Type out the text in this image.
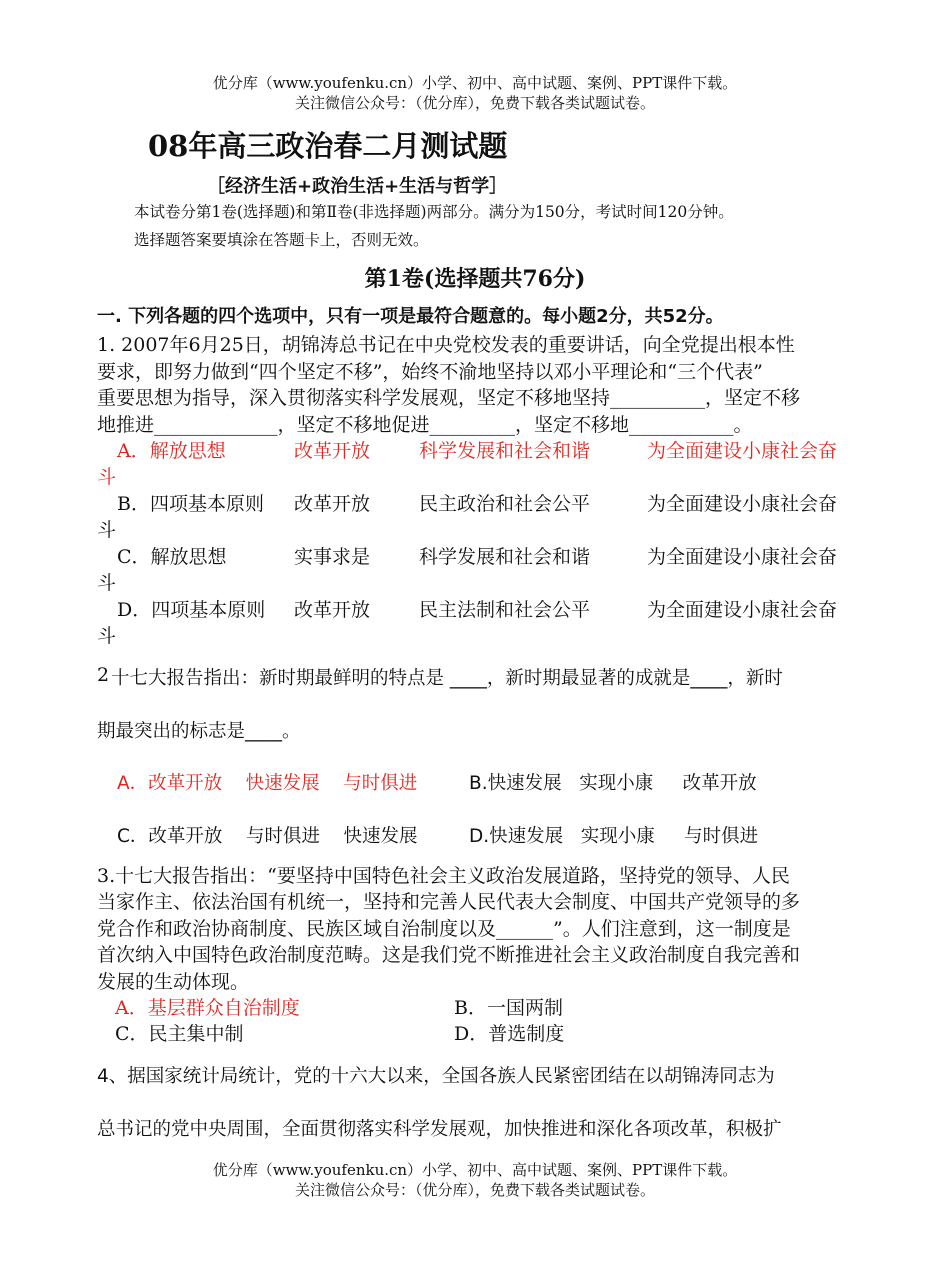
优分库（www.youfenku.cn）小学、初中、高中试题、案例、PPT课件下载。
关注微信公众号：（优分库），免费下载各类试题试卷。
08年高三政治春二月测试题
［经济生活+政治生活+生活与哲学］
本试卷分第1卷(选择题)和第Ⅱ卷(非选择题)两部分。满分为150分，考试时间120分钟。
选择题答案要填涂在答题卡上，否则无效。
第1卷(选择题共76分)
一. 下列各题的四个选项中，只有一项是最符合题意的。每小题2分，共52分。
1. 2007年6月25日，胡锦涛总书记在中央党校发表的重要讲话，向全党提出根本性
要求，即努力做到“四个坚定不移”，始终不渝地坚持以邓小平理论和“三个代表”
重要思想为指导，深入贯彻落实科学发展观，坚定不移地坚持__________，坚定不移
地推进_____________，坚定不移地促进_________，坚定不移地___________。
A．解放思想	改革开放	科学发展和社会和谐	为全面建设小康社会奋
斗
B．四项基本原则 改革开放	民主政治和社会公平	为全面建设小康社会奋
斗
C．解放思想	实事求是	科学发展和社会和谐	为全面建设小康社会奋
斗
D．四项基本原则 改革开放	民主法制和社会公平	为全面建设小康社会奋
斗
2 十七大报告指出：新时期最鲜明的特点是 ____，新时期最显著的成就是____，新时
期最突出的标志是____。
A．改革开放    快速发展    与时俱进	B.快速发展   实现小康     改革开放
C．改革开放    与时俱进    快速发展	D.快速发展   实现小康     与时俱进
3.十七大报告指出：“要坚持中国特色社会主义政治发展道路，坚持党的领导、人民
当家作主、依法治国有机统一，坚持和完善人民代表大会制度、中国共产党领导的多
党合作和政治协商制度、民族区域自治制度以及______”。人们注意到，这一制度是
首次纳入中国特色政治制度范畴。这是我们党不断推进社会主义政治制度自我完善和
发展的生动体现。
A．基层群众自治制度	B．一国两制
C．民主集中制	D．普选制度
4、据国家统计局统计，党的十六大以来，全国各族人民紧密团结在以胡锦涛同志为
总书记的党中央周围，全面贯彻落实科学发展观，加快推进和深化各项改革，积极扩
优分库（www.youfenku.cn）小学、初中、高中试题、案例、PPT课件下载。
关注微信公众号：（优分库），免费下载各类试题试卷。
